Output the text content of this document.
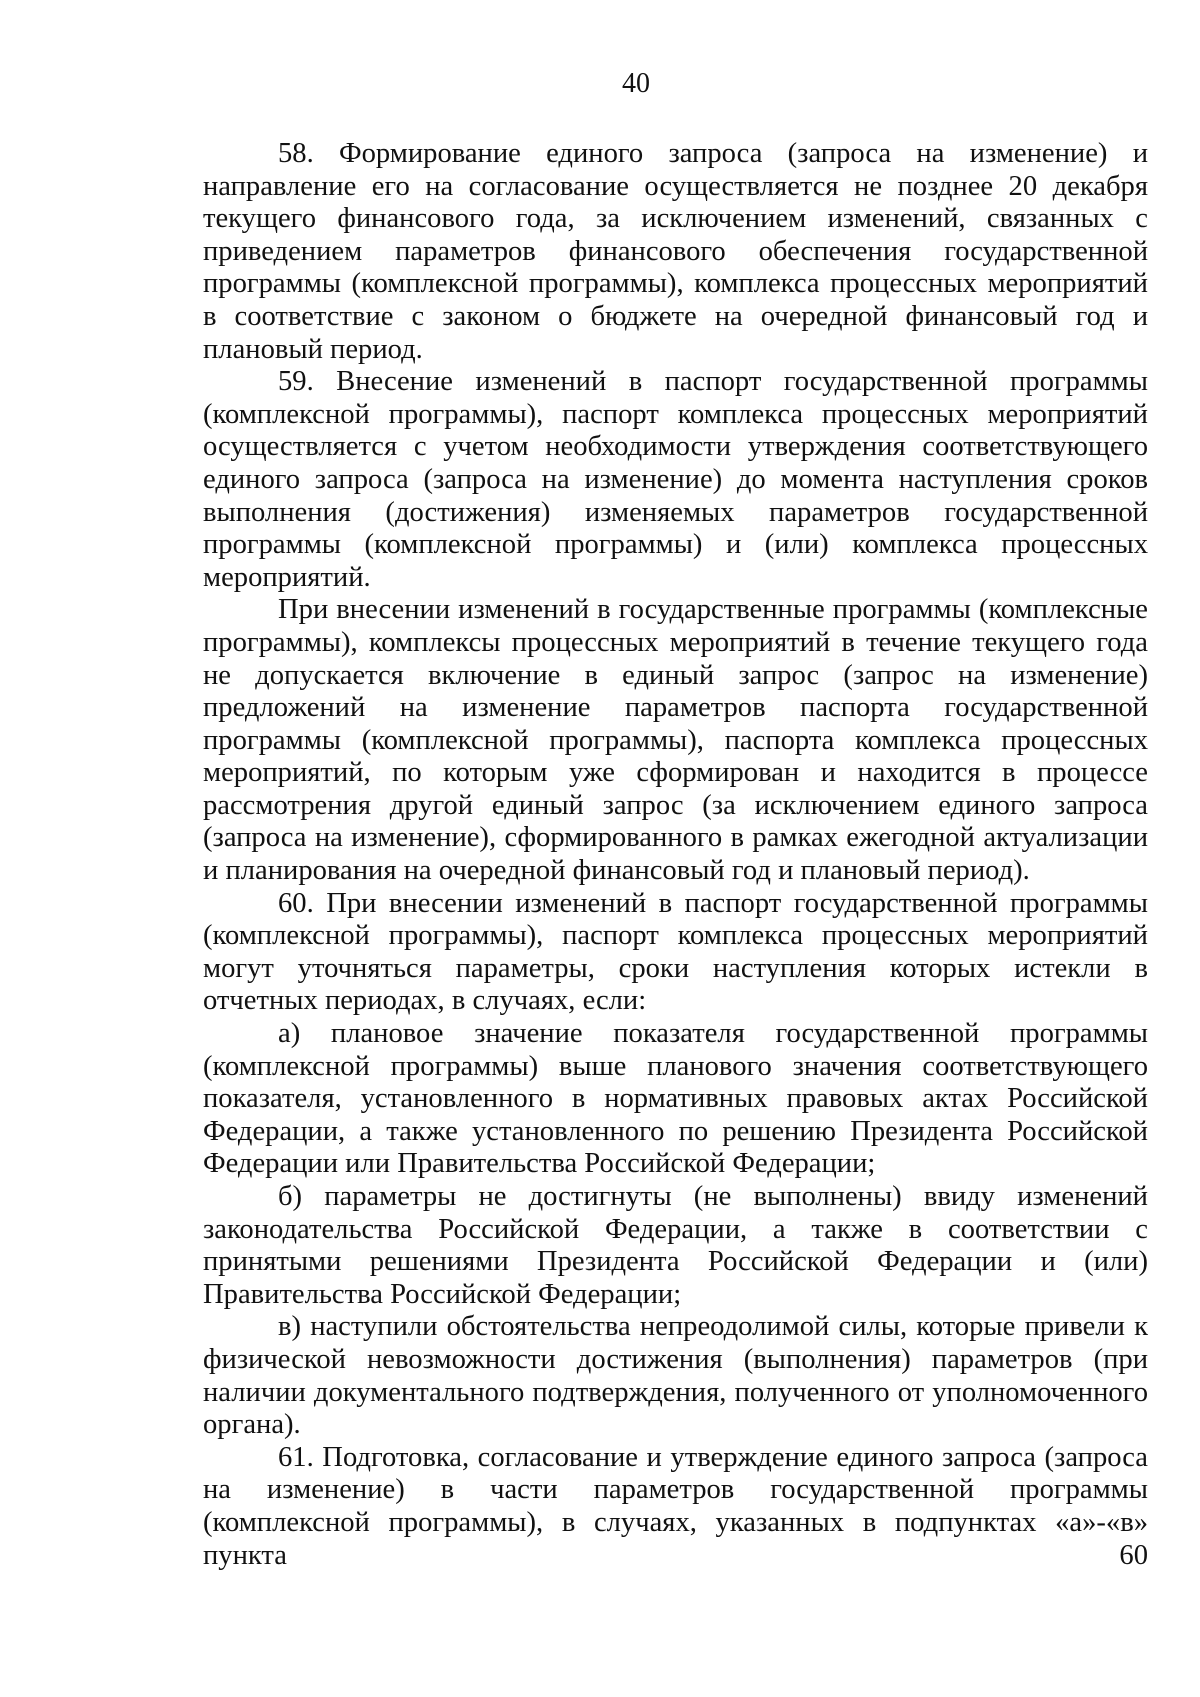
40

58. Формирование единого запроса (запроса на изменение) и направление его на согласование осуществляется не позднее 20 декабря текущего финансового года, за исключением изменений, связанных с приведением параметров финансового обеспечения государственной программы (комплексной программы), комплекса процессных мероприятий в соответствие с законом о бюджете на очередной финансовый год и плановый период.

59. Внесение изменений в паспорт государственной программы (комплексной программы), паспорт комплекса процессных мероприятий осуществляется с учетом необходимости утверждения соответствующего единого запроса (запроса на изменение) до момента наступления сроков выполнения (достижения) изменяемых параметров государственной программы (комплексной программы) и (или) комплекса процессных мероприятий.

При внесении изменений в государственные программы (комплексные программы), комплексы процессных мероприятий в течение текущего года не допускается включение в единый запрос (запрос на изменение) предложений на изменение параметров паспорта государственной программы (комплексной программы), паспорта комплекса процессных мероприятий, по которым уже сформирован и находится в процессе рассмотрения другой единый запрос (за исключением единого запроса (запроса на изменение), сформированного в рамках ежегодной актуализации и планирования на очередной финансовый год и плановый период).

60. При внесении изменений в паспорт государственной программы (комплексной программы), паспорт комплекса процессных мероприятий могут уточняться параметры, сроки наступления которых истекли в отчетных периодах, в случаях, если:

а) плановое значение показателя государственной программы (комплексной программы) выше планового значения соответствующего показателя, установленного в нормативных правовых актах Российской Федерации, а также установленного по решению Президента Российской Федерации или Правительства Российской Федерации;

б) параметры не достигнуты (не выполнены) ввиду изменений законодательства Российской Федерации, а также в соответствии с принятыми решениями Президента Российской Федерации и (или) Правительства Российской Федерации;

в) наступили обстоятельства непреодолимой силы, которые привели к физической невозможности достижения (выполнения) параметров (при наличии документального подтверждения, полученного от уполномоченного органа).

61. Подготовка, согласование и утверждение единого запроса (запроса на изменение) в части параметров государственной программы (комплексной программы), в случаях, указанных в подпунктах «а»-«в» пункта 60
